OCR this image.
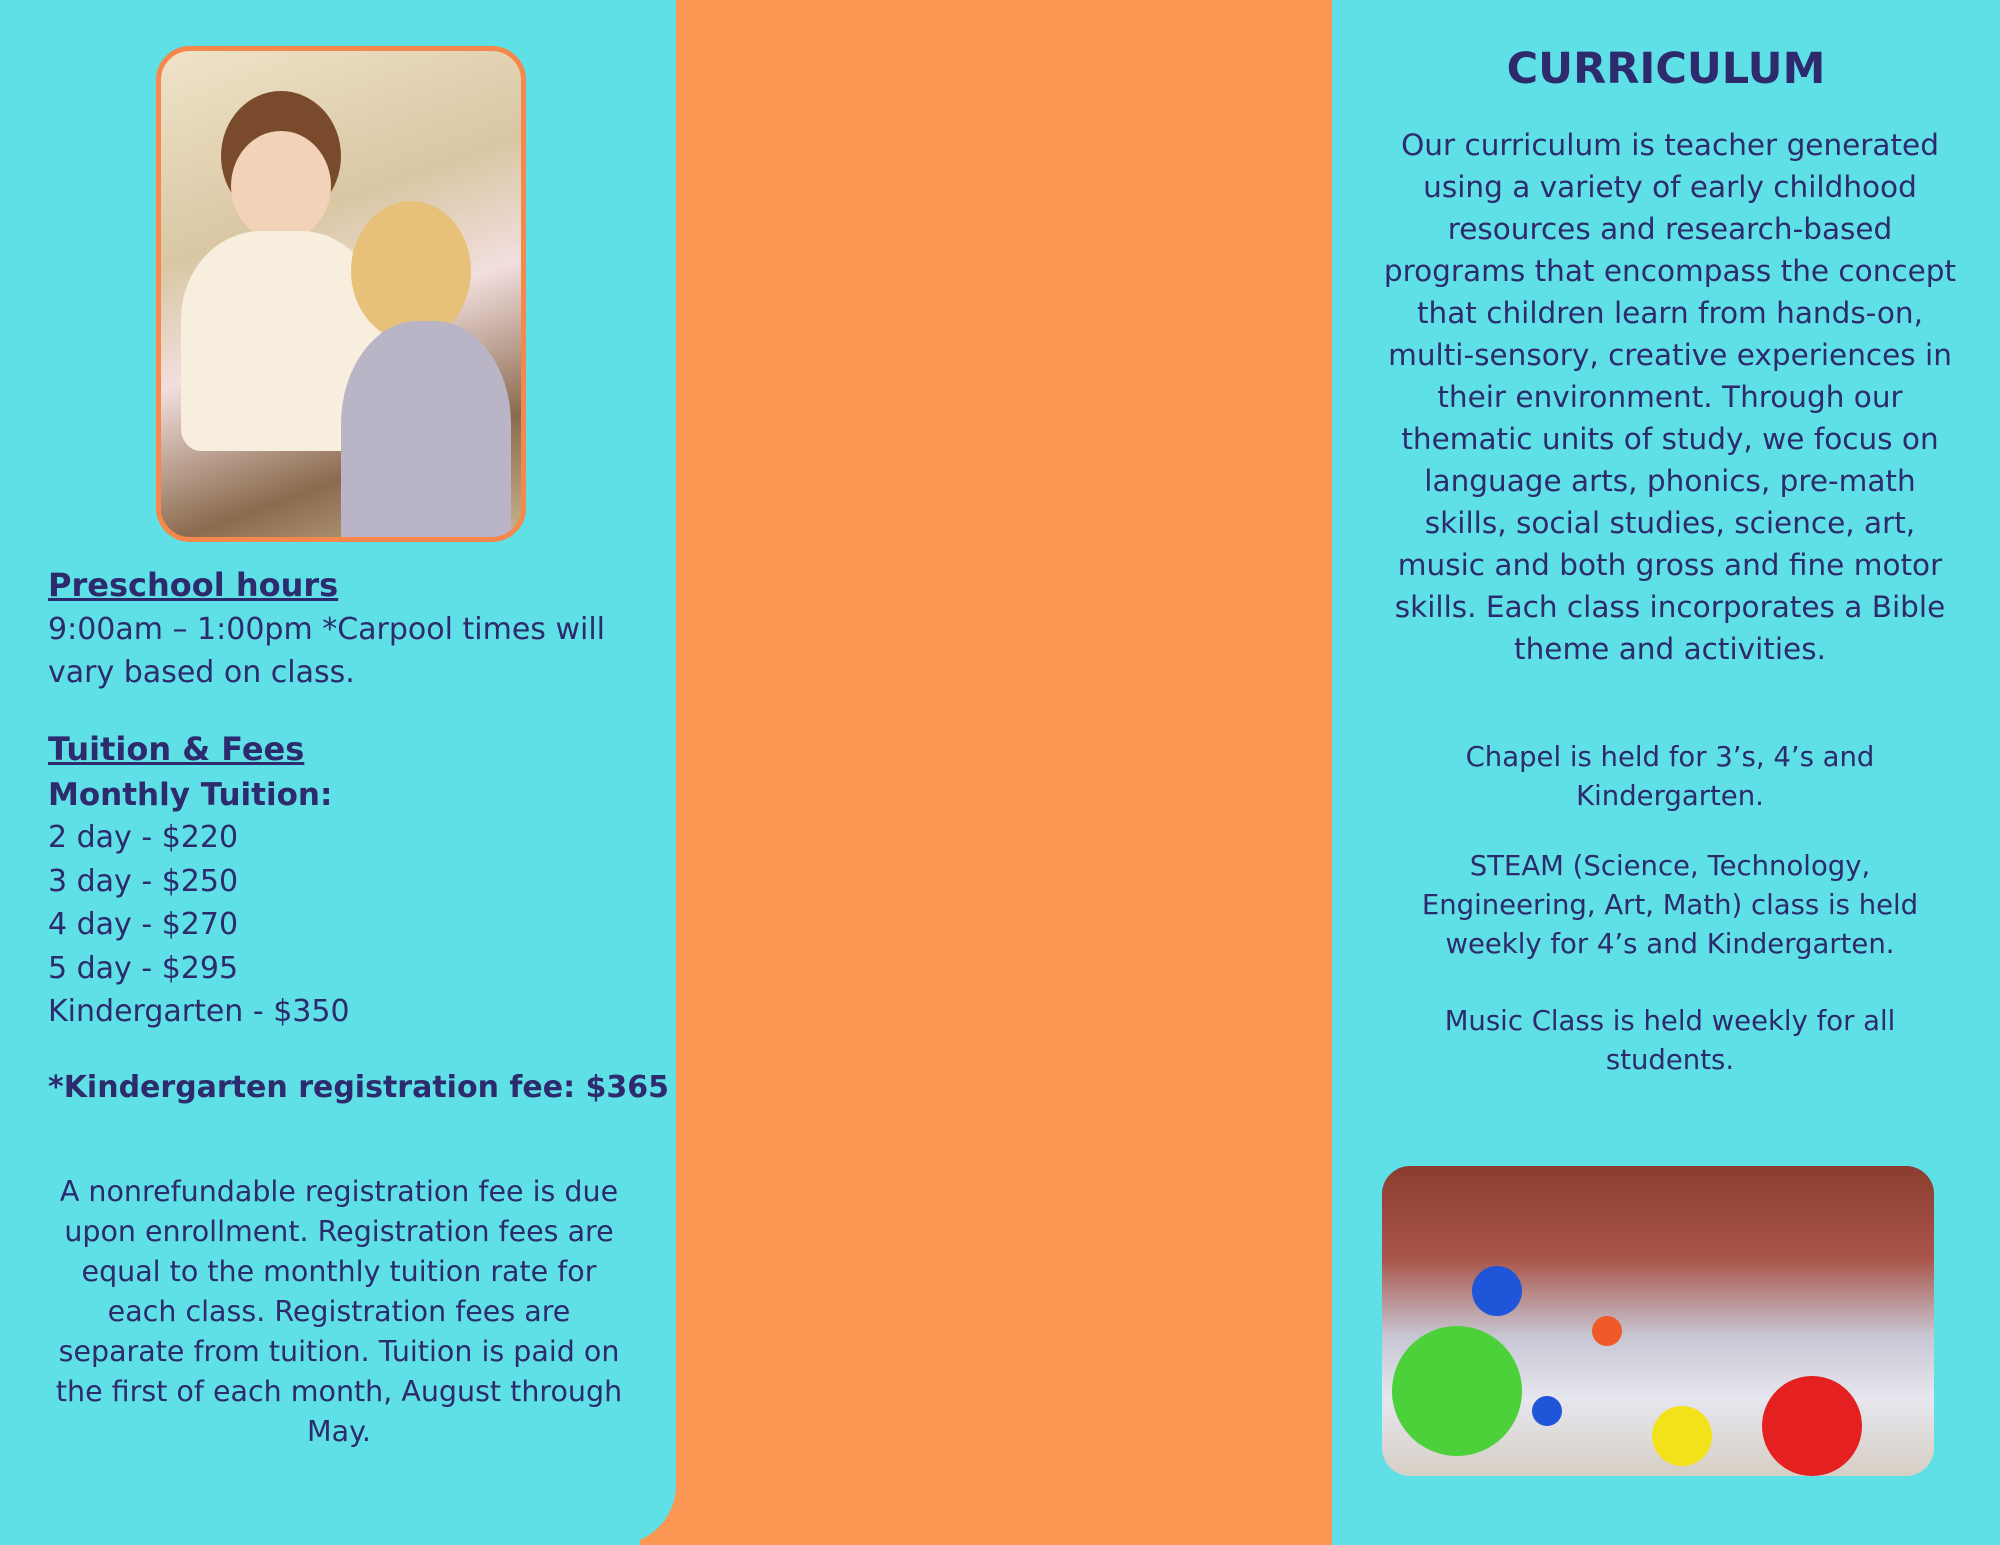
Preschool hours
9:00am – 1:00pm *Carpool times will vary based on class.
Tuition & Fees
Monthly Tuition:
2 day - $220
3 day - $250
4 day - $270
5 day - $295
Kindergarten - $350
*Kindergarten registration fee: $365
A nonrefundable registration fee is due upon enrollment. Registration fees are equal to the monthly tuition rate for each class. Registration fees are separate from tuition. Tuition is paid on the first of each month, August through May.
CURRICULUM
Our curriculum is teacher generated using a variety of early childhood resources and research-based programs that encompass the concept that children learn from hands-on, multi-sensory, creative experiences in their environment. Through our thematic units of study, we focus on language arts, phonics, pre-math skills, social studies, science, art, music and both gross and fine motor skills. Each class incorporates a Bible theme and activities.
Chapel is held for 3’s, 4’s and Kindergarten.
STEAM (Science, Technology, Engineering, Art, Math) class is held weekly for 4’s and Kindergarten.
Music Class is held weekly for all students.
